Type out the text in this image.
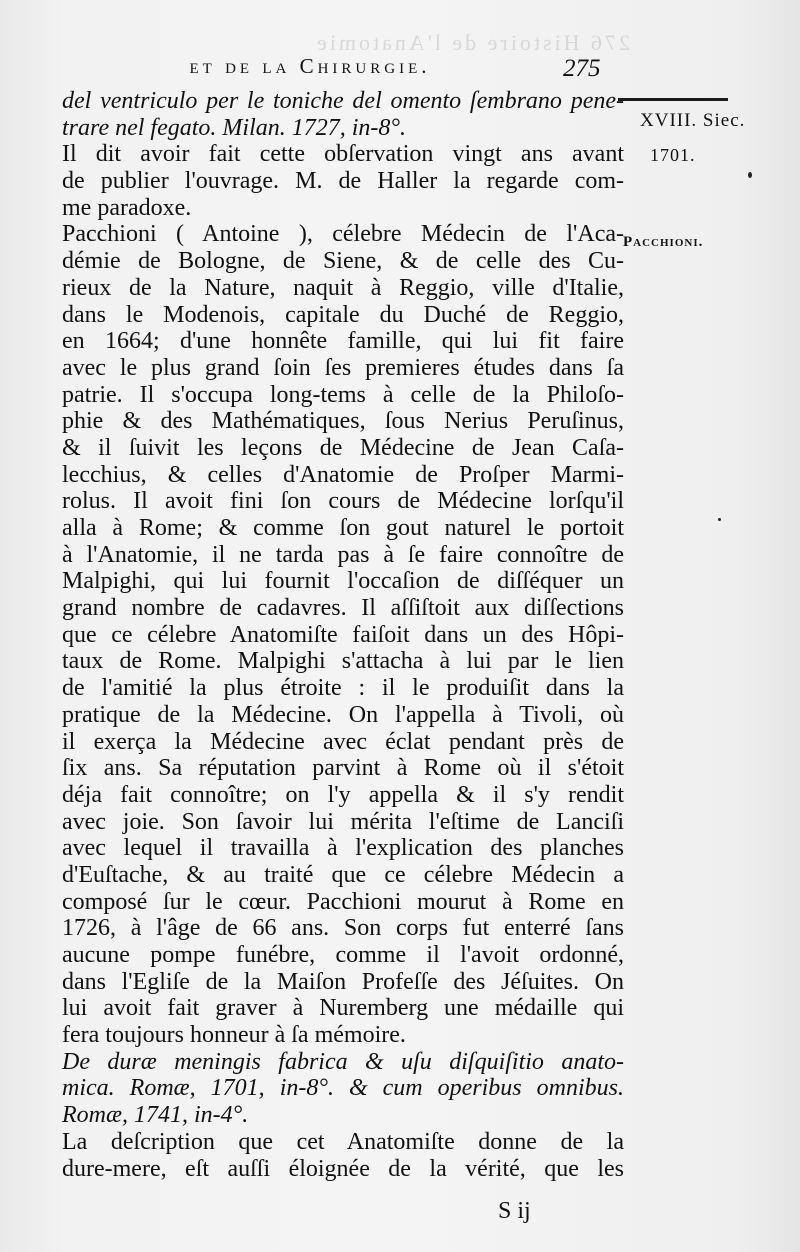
276 Histoire de l'Anatomie
et de la Chirurgie.	275
XVIII. Siec.
1701.
Pacchioni.
del ventriculo per le toniche del omento ſembrano pene-
trare nel fegato. Milan. 1727, in-8°.
Il dit avoir fait cette obſervation vingt ans avant
de publier l'ouvrage. M. de Haller la regarde com-
me paradoxe.
Pacchioni ( Antoine ), célebre Médecin de l'Aca-
démie de Bologne, de Siene, & de celle des Cu-
rieux de la Nature, naquit à Reggio, ville d'Italie,
dans le Modenois, capitale du Duché de Reggio,
en 1664; d'une honnête famille, qui lui fit faire
avec le plus grand ſoin ſes premieres études dans ſa
patrie. Il s'occupa long-tems à celle de la Philoſo-
phie & des Mathématiques, ſous Nerius Peruſinus,
& il ſuivit les leçons de Médecine de Jean Caſa-
lecchius, & celles d'Anatomie de Proſper Marmi-
rolus. Il avoit fini ſon cours de Médecine lorſqu'il
alla à Rome; & comme ſon gout naturel le portoit
à l'Anatomie, il ne tarda pas à ſe faire connoître de
Malpighi, qui lui fournit l'occaſion de diſſéquer un
grand nombre de cadavres. Il aſſiſtoit aux diſſections
que ce célebre Anatomiſte faiſoit dans un des Hôpi-
taux de Rome. Malpighi s'attacha à lui par le lien
de l'amitié la plus étroite : il le produiſit dans la
pratique de la Médecine. On l'appella à Tivoli, où
il exerça la Médecine avec éclat pendant près de
ſix ans. Sa réputation parvint à Rome où il s'étoit
déja fait connoître; on l'y appella & il s'y rendit
avec joie. Son ſavoir lui mérita l'eſtime de Lanciſi
avec lequel il travailla à l'explication des planches
d'Euſtache, & au traité que ce célebre Médecin a
composé ſur le cœur. Pacchioni mourut à Rome en
1726, à l'âge de 66 ans. Son corps fut enterré ſans
aucune pompe funébre, comme il l'avoit ordonné,
dans l'Egliſe de la Maiſon Profeſſe des Jéſuites. On
lui avoit fait graver à Nuremberg une médaille qui
fera toujours honneur à ſa mémoire.
De duræ meningis fabrica & uſu diſquiſitio anato-
mica. Romæ, 1701, in-8°. & cum operibus omnibus.
Romæ, 1741, in-4°.
La deſcription que cet Anatomiſte donne de la
dure-mere, eſt auſſi éloignée de la vérité, que les
S ij
